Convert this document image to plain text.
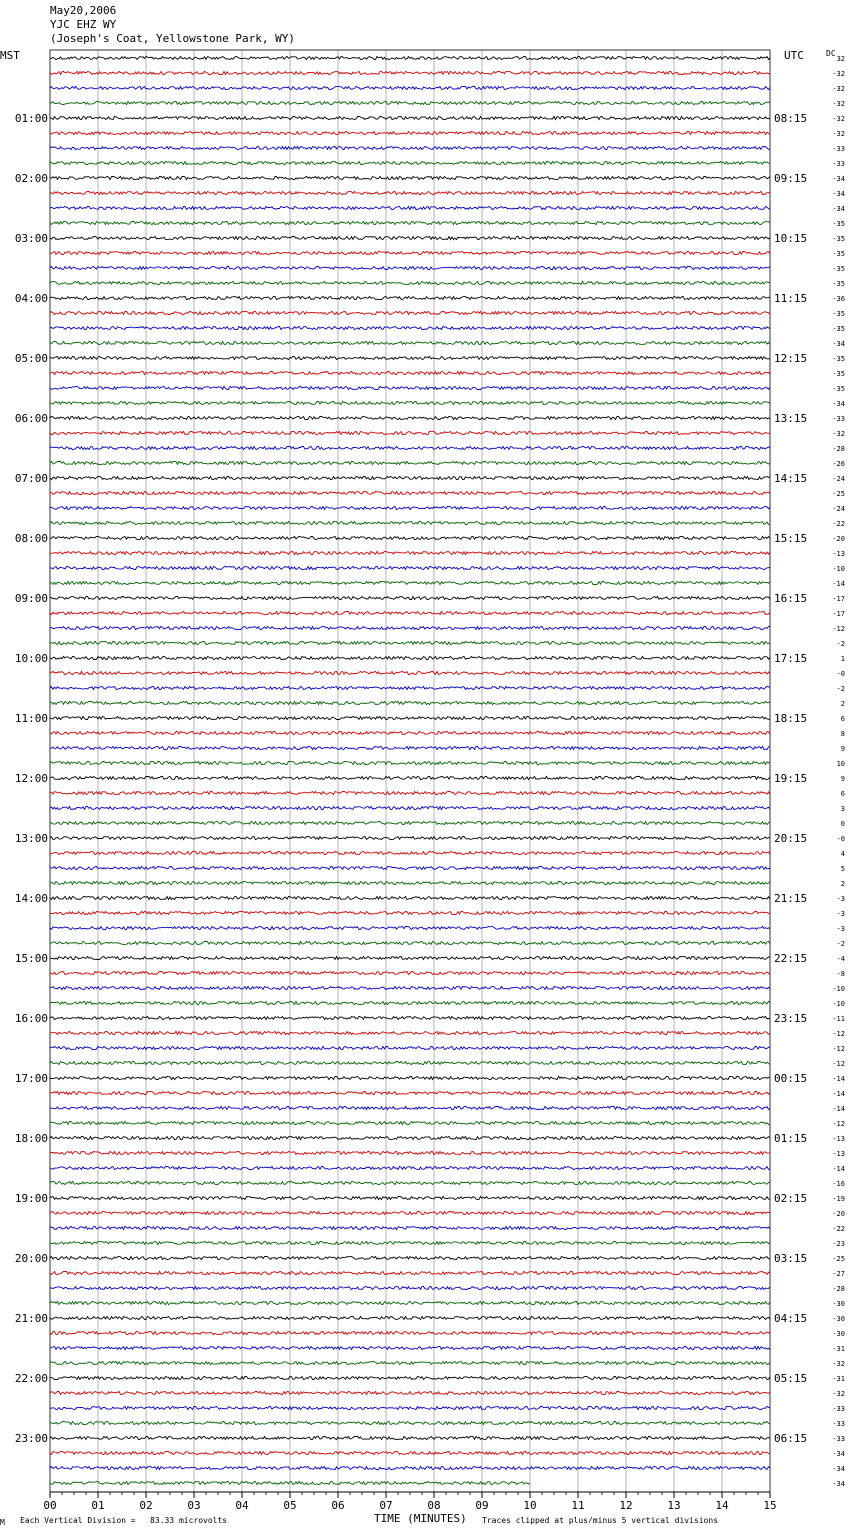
May20,2006
YJC EHZ WY
(Joseph's Coat, Yellowstone Park, WY)
MST	UTC	DC
00	01	02	03	04	05	06	07	08	09	10	11	12	13	14	15
01:00
02:00
03:00
04:00
05:00
06:00
07:00
08:00
09:00
10:00
11:00
12:00
13:00
14:00
15:00
16:00
17:00
18:00
19:00
20:00
21:00
22:00
23:00
08:15
09:15
10:15
11:15
12:15
13:15
14:15
15:15
16:15
17:15
18:15
19:15
20:15
21:15
22:15
23:15
00:15
01:15
02:15
03:15
04:15
05:15
06:15
32
-32
-32
-32
-32
-32
-33
-33
-34
-34
-34
-35
-35
-35
-35
-35
-36
-35
-35
-34
-35
-35
-35
-34
-33
-32
-28
-26
-24
-25
-24
-22
-20
-13
-10
-14
-17
-17
-12
-2
1
-0
-2
2
6
8
9
10
9
6
3
0
-0
4
5
2
-3
-3
-3
-2
-4
-8
-10
-10
-11
-12
-12
-12
-14
-14
-14
-12
-13
-13
-14
-16
-19
-20
-22
-23
-25
-27
-28
-30
-30
-30
-31
-32
-31
-32
-33
-33
-33
-34
-34
-34
M Each Vertical Division =   83.33 microvolts	TIME (MINUTES) Traces clipped at plus/minus 5 vertical divisions
